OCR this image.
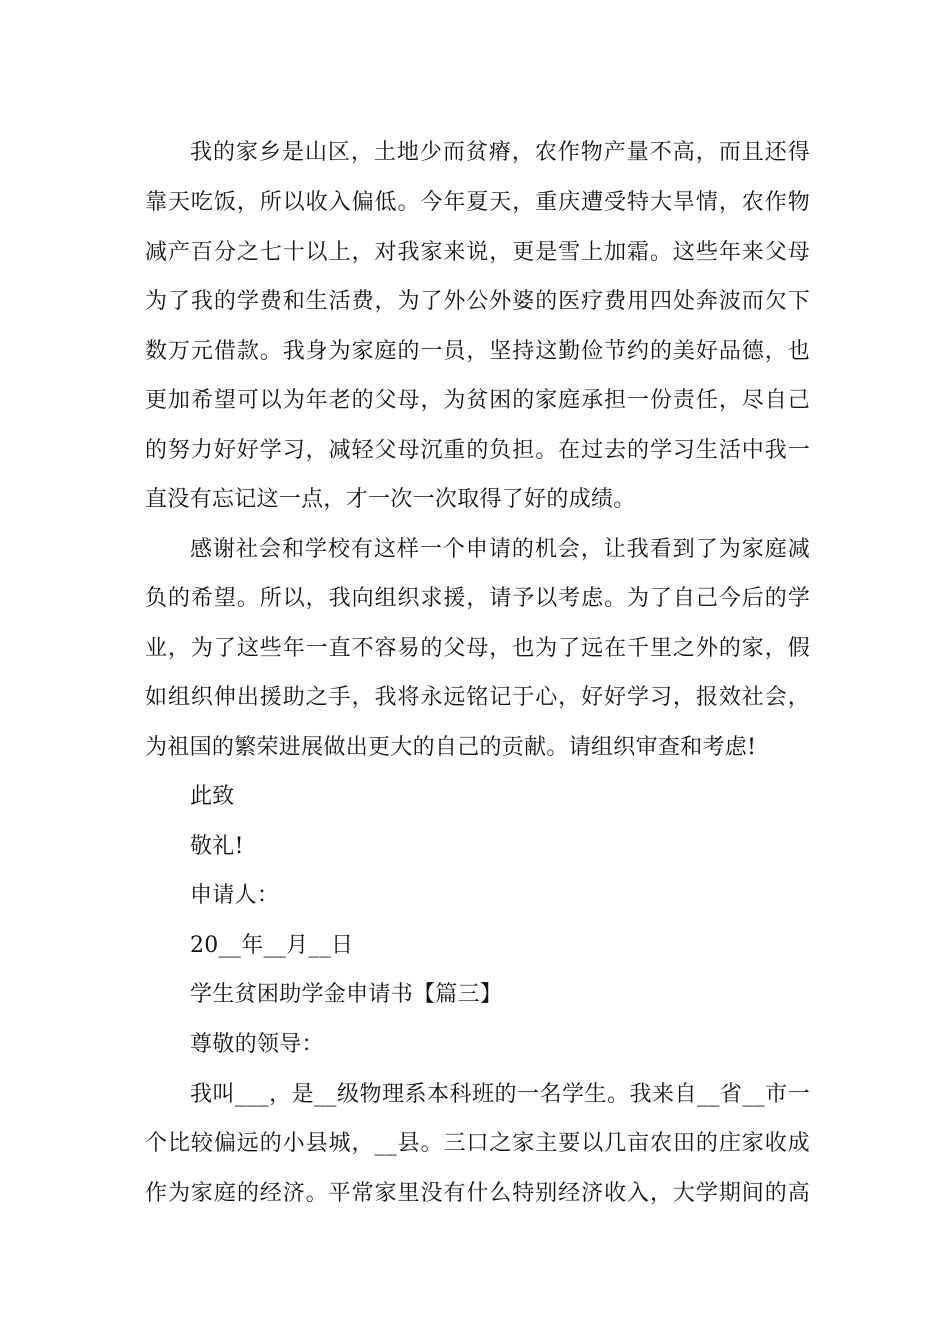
我的家乡是山区，土地少而贫瘠，农作物产量不高，而且还得
靠天吃饭，所以收入偏低。今年夏天，重庆遭受特大旱情，农作物
减产百分之七十以上，对我家来说，更是雪上加霜。这些年来父母
为了我的学费和生活费，为了外公外婆的医疗费用四处奔波而欠下
数万元借款。我身为家庭的一员，坚持这勤俭节约的美好品德，也
更加希望可以为年老的父母，为贫困的家庭承担一份责任，尽自己
的努力好好学习，减轻父母沉重的负担。在过去的学习生活中我一
直没有忘记这一点，才一次一次取得了好的成绩。
感谢社会和学校有这样一个申请的机会，让我看到了为家庭减
负的希望。所以，我向组织求援，请予以考虑。为了自己今后的学
业，为了这些年一直不容易的父母，也为了远在千里之外的家，假
如组织伸出援助之手，我将永远铭记于心，好好学习，报效社会，
为祖国的繁荣进展做出更大的自己的贡献。请组织审查和考虑!
此致
敬礼!
申请人：
20__年__月__日
学生贫困助学金申请书【篇三】
尊敬的领导：
我叫___，是__级物理系本科班的一名学生。我来自__省__市一
个比较偏远的小县城，__县。三口之家主要以几亩农田的庄家收成
作为家庭的经济。平常家里没有什么特别经济收入，大学期间的高
